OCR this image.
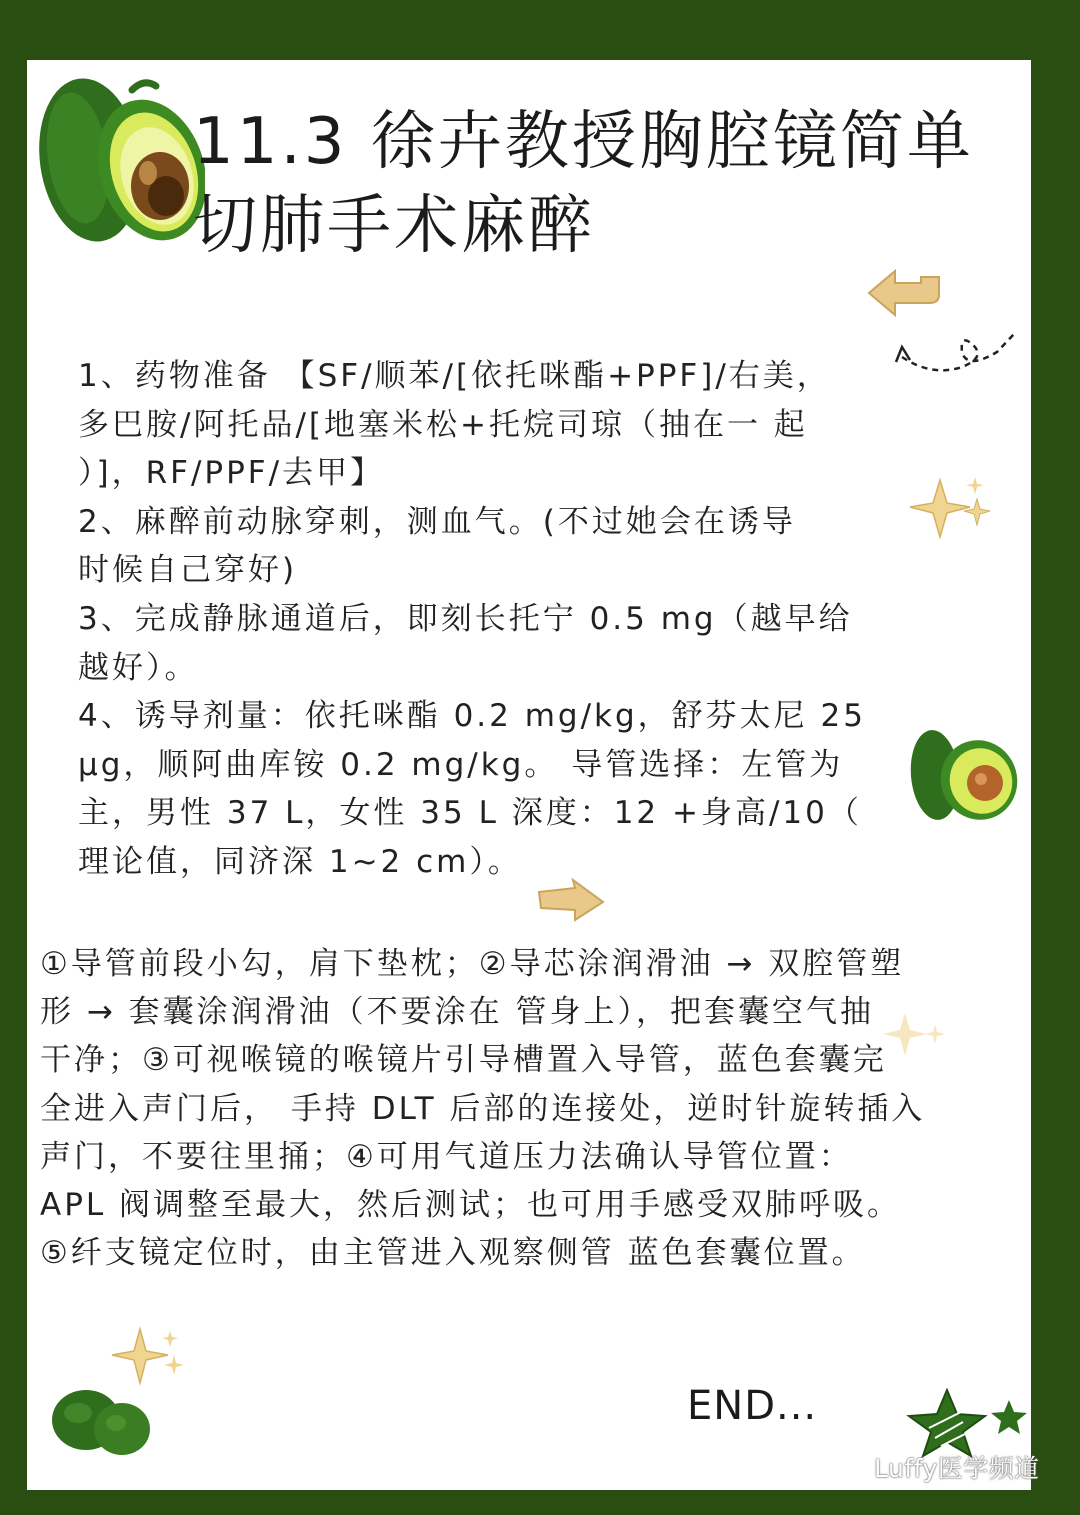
11.3 徐卉教授胸腔镜简单
切肺手术麻醉
1、药物准备 【SF/顺苯/[依托咪酯+PPF]/右美，
多巴胺/阿托品/[地塞米松+托烷司琼（抽在一 起
）]，RF/PPF/去甲】
2、麻醉前动脉穿刺，测血气。(不过她会在诱导
时候自己穿好)
3、完成静脉通道后，即刻长托宁 0.5 mg（越早给
越好）。
4、诱导剂量：依托咪酯 0.2 mg/kg，舒芬太尼 25
μg，顺阿曲库铵 0.2 mg/kg。 导管选择：左管为
主，男性 37 L，女性 35 L 深度：12 +身高/10（
理论值，同济深 1~2 cm）。
①导管前段小勾，肩下垫枕；②导芯涂润滑油 → 双腔管塑
形 → 套囊涂润滑油（不要涂在 管身上），把套囊空气抽
干净；③可视喉镜的喉镜片引导槽置入导管，蓝色套囊完
全进入声门后， 手持 DLT 后部的连接处，逆时针旋转插入
声门，不要往里捅；④可用气道压力法确认导管位置：
APL 阀调整至最大，然后测试；也可用手感受双肺呼吸。
⑤纤支镜定位时，由主管进入观察侧管 蓝色套囊位置。
END...
Luffy医学频道
